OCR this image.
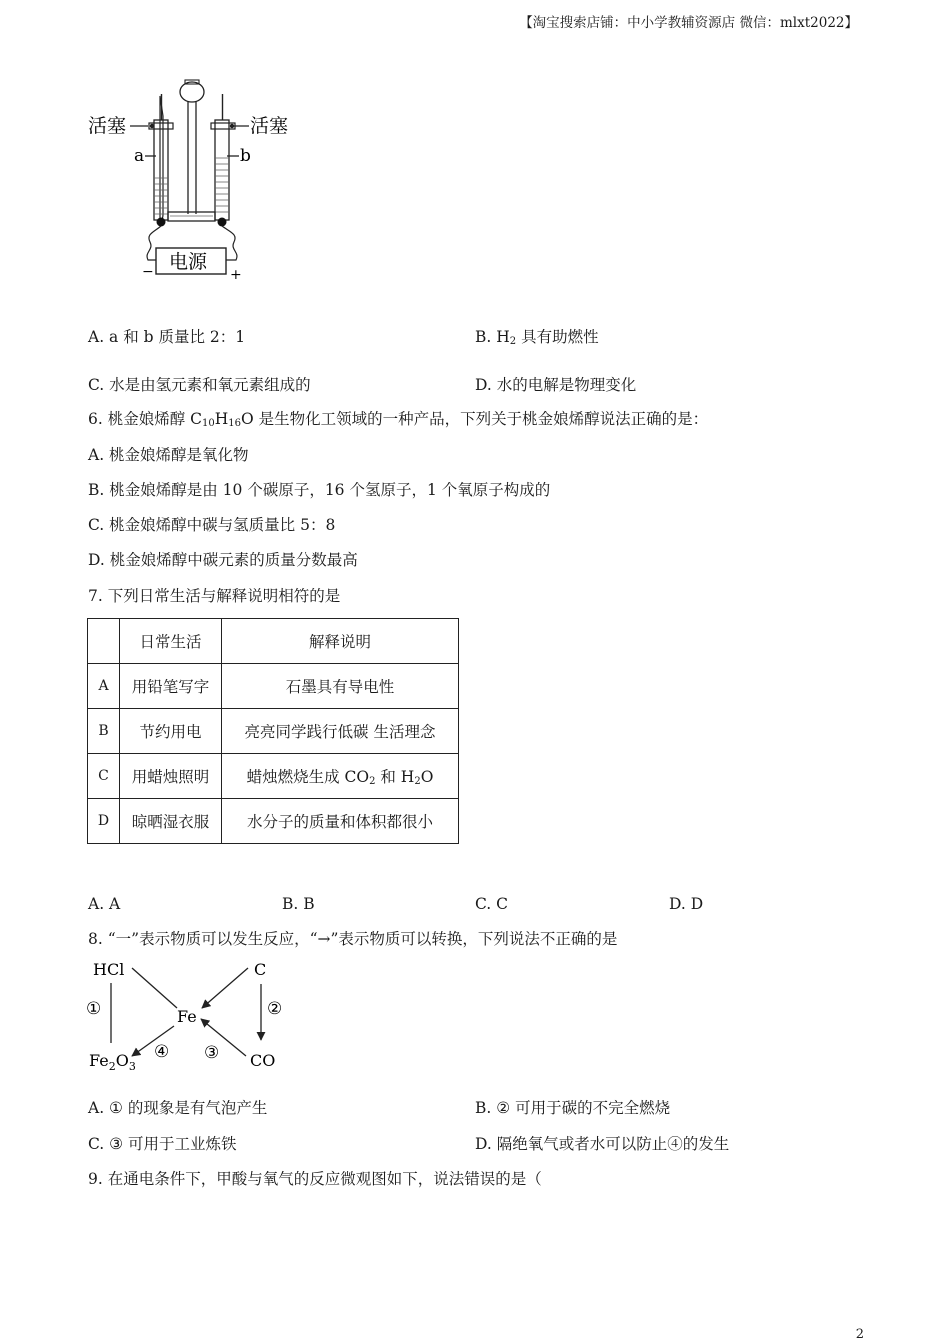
【淘宝搜索店铺：中小学教辅资源店 微信：mlxt2022】
活塞
a
活塞
b
电源
−	+
A. a 和 b 质量比 2：1	B. $H_2$ 具有助燃性
C. 水是由氢元素和氧元素组成的	D. 水的电解是物理变化
6. 桃金娘烯醇 $C_{10}H_{16}O$ 是生物化工领域的一种产品，下列关于桃金娘烯醇说法正确的是：
A. 桃金娘烯醇是氧化物
B. 桃金娘烯醇是由 10 个碳原子，16 个氢原子，1 个氧原子构成的
C. 桃金娘烯醇中碳与氢质量比 5：8
D. 桃金娘烯醇中碳元素的质量分数最高
7. 下列日常生活与解释说明相符的是
	日常生活	解释说明
A	用铅笔写字	石墨具有导电性
B	节约用电	亮亮同学践行低碳 生活理念
C	用蜡烛照明	蜡烛燃烧生成 $CO_2$ 和 $H_2O$
D	晾晒湿衣服	水分子的质量和体积都很小
A. A	B. B	C. C	D. D
8. “一”表示物质可以发生反应，“→”表示物质可以转换，下列说法不正确的是
HCl	C
Fe
$Fe_2O_3$	CO
①	②
③
④
A. ① 的现象是有气泡产生	B. ② 可用于碳的不完全燃烧
C. ③ 可用于工业炼铁	D. 隔绝氧气或者水可以防止④的发生
9. 在通电条件下，甲酸与氧气的反应微观图如下，说法错误的是（
2
